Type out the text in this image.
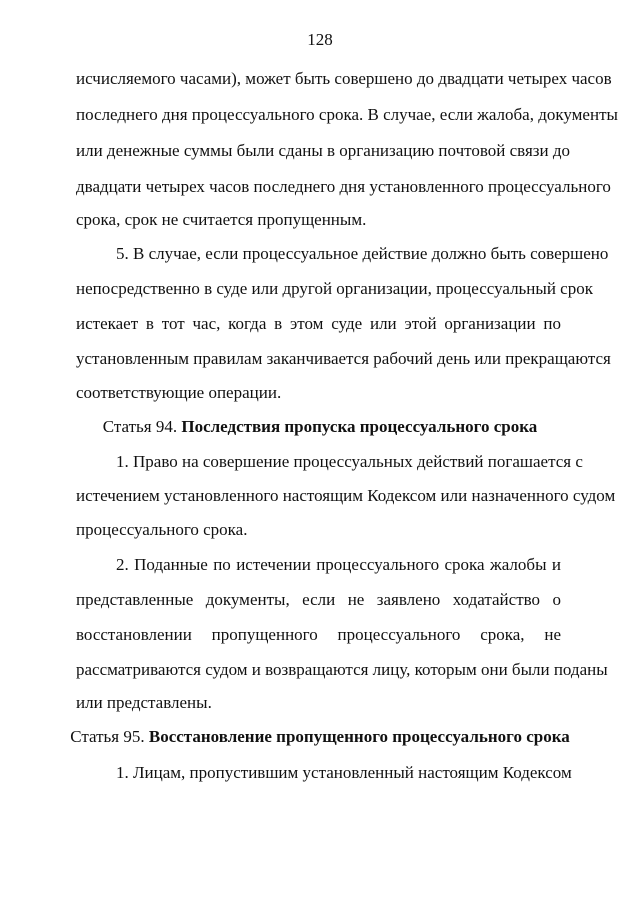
128
исчисляемого часами), может быть совершено до двадцати четырех часов
последнего дня процессуального срока. В случае, если жалоба, документы
или денежные суммы были сданы в организацию почтовой связи до
двадцати четырех часов последнего дня установленного процессуального
срока, срок не считается пропущенным.
5. В случае, если процессуальное действие должно быть совершено
непосредственно в суде или другой организации, процессуальный срок
истекает в тот час, когда в этом суде или этой организации по
установленным правилам заканчивается рабочий день или прекращаются
соответствующие операции.
Статья 94. Последствия пропуска процессуального срока
1. Право на совершение процессуальных действий погашается с
истечением установленного настоящим Кодексом или назначенного судом
процессуального срока.
2. Поданные по истечении процессуального срока жалобы и
представленные документы, если не заявлено ходатайство о
восстановлении пропущенного процессуального срока, не
рассматриваются судом и возвращаются лицу, которым они были поданы
или представлены.
Статья 95. Восстановление пропущенного процессуального срока
1. Лицам, пропустившим установленный настоящим Кодексом
